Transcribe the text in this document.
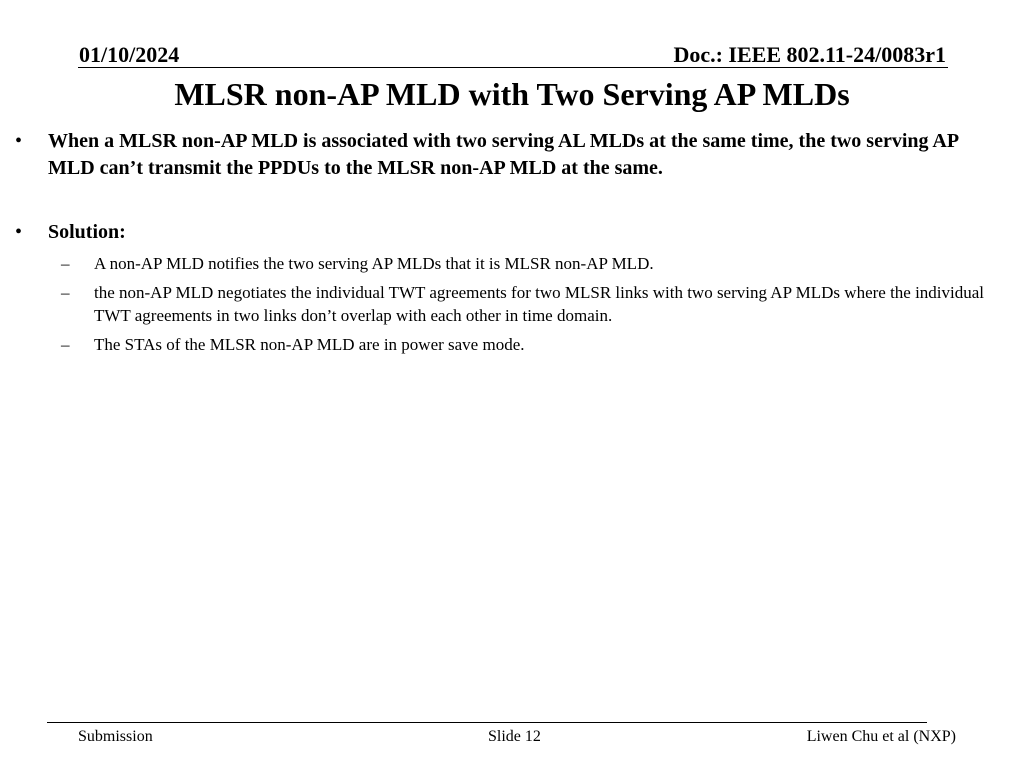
01/10/2024	Doc.: IEEE 802.11-24/0083r1
MLSR non-AP MLD with Two Serving AP MLDs
• When a MLSR non-AP MLD is associated with two serving AL MLDs at the same time, the two serving AP MLD can’t transmit the PPDUs to the MLSR non-AP MLD at the same.
• Solution:
– A non-AP MLD notifies the two serving AP MLDs that it is MLSR non-AP MLD.
– the non-AP MLD negotiates the individual TWT agreements for two MLSR links with two serving AP MLDs where the individual TWT agreements in two links don’t overlap with each other in time domain.
– The STAs of the MLSR non-AP MLD are in power save mode.
Submission	Slide 12	Liwen Chu et al (NXP)
